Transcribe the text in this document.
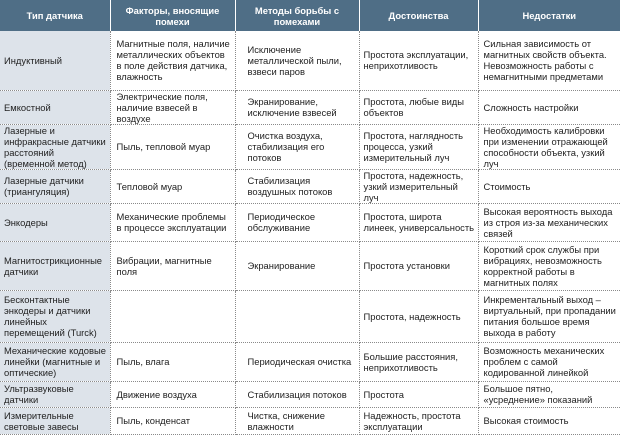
Тип датчика	Факторы, вносящие помехи	Методы борьбы с помехами	Достоинства	Недостатки
Индуктивный	Магнитные поля, наличие металлических объектов в поле действия датчика, влажность	Исключение металлической пыли, взвеси паров	Простота эксплуатации, неприхотливость	Сильная зависимость от магнитных свойств объекта. Невозможность работы с немагнитными предметами
Емкостной	Электрические поля, наличие взвесей в воздухе	Экранирование, исключение взвесей	Простота, любые виды объектов	Сложность настройки
Лазерные и инфракрасные датчики расстояний (временной метод)	Пыль, тепловой муар	Очистка воздуха, стабилизация его потоков	Простота, наглядность процесса, узкий измерительный луч	Необходимость калибровки при изменении отражающей способности объекта, узкий луч
Лазерные датчики (триангуляция)	Тепловой муар	Стабилизация воздушных потоков	Простота, надежность, узкий измерительный луч	Стоимость
Энкодеры	Механические проблемы в процессе эксплуатации	Периодическое обслуживание	Простота, широта линеек, универсальность	Высокая вероятность выхода из строя из-за механических связей
Магнитострикционные датчики	Вибрации, магнитные поля	Экранирование	Простота установки	Короткий срок службы при вибрациях, невозможность корректной работы в магнитных полях
Бесконтактные энкодеры и датчики линейных перемещений (Turck)			Простота, надежность	Инкрементальный выход – виртуальный, при пропадании питания большое время выхода в работу
Механические кодовые линейки (магнитные и оптические)	Пыль, влага	Периодическая очистка	Большие расстояния, неприхотливость	Возможность механических проблем с самой кодированной линейкой
Ультразвуковые датчики	Движение воздуха	Стабилизация потоков	Простота	Большое пятно, «усреднение» показаний
Измерительные световые завесы	Пыль, конденсат	Чистка, снижение влажности	Надежность, простота эксплуатации	Высокая стоимость
